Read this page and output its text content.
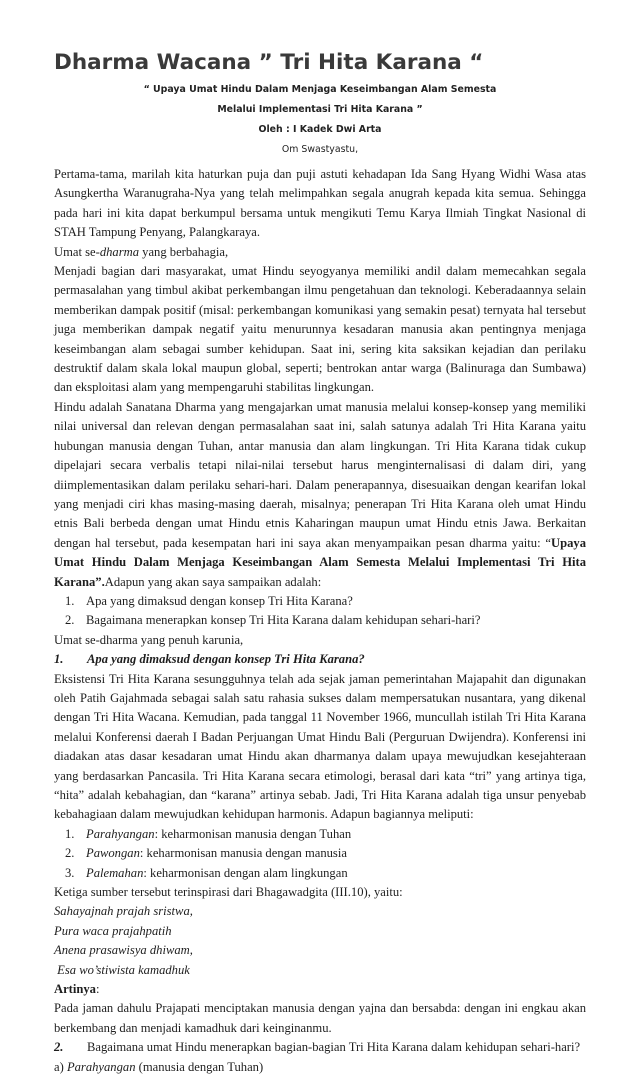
Dharma Wacana ” Tri Hita Karana “
“ Upaya Umat Hindu Dalam Menjaga Keseimbangan Alam Semesta
Melalui Implementasi Tri Hita Karana ”
Oleh : I Kadek Dwi Arta
Om Swastyastu,

Pertama-tama, marilah kita haturkan puja dan puji astuti kehadapan Ida Sang Hyang Widhi Wasa atas Asungkertha Waranugraha-Nya yang telah melimpahkan segala anugrah kepada kita semua. Sehingga pada hari ini kita dapat berkumpul bersama untuk mengikuti Temu Karya Ilmiah Tingkat Nasional di STAH Tampung Penyang, Palangkaraya.

Umat se-dharma yang berbahagia,

Menjadi bagian dari masyarakat, umat Hindu seyogyanya memiliki andil dalam memecahkan segala permasalahan yang timbul akibat perkembangan ilmu pengetahuan dan teknologi. Keberadaannya selain memberikan dampak positif (misal: perkembangan komunikasi yang semakin pesat) ternyata hal tersebut juga memberikan dampak negatif yaitu menurunnya kesadaran manusia akan pentingnya menjaga keseimbangan alam sebagai sumber kehidupan. Saat ini, sering kita saksikan kejadian dan perilaku destruktif dalam skala lokal maupun global, seperti; bentrokan antar warga (Balinuraga dan Sumbawa) dan eksploitasi alam yang mempengaruhi stabilitas lingkungan.

Hindu adalah Sanatana Dharma yang mengajarkan umat manusia melalui konsep-konsep yang memiliki nilai universal dan relevan dengan permasalahan saat ini, salah satunya adalah Tri Hita Karana yaitu hubungan manusia dengan Tuhan, antar manusia dan alam lingkungan. Tri Hita Karana tidak cukup dipelajari secara verbalis tetapi nilai-nilai tersebut harus menginternalisasi di dalam diri, yang diimplementasikan dalam perilaku sehari-hari. Dalam penerapannya, disesuaikan dengan kearifan lokal yang menjadi ciri khas masing-masing daerah, misalnya; penerapan Tri Hita Karana oleh umat Hindu etnis Bali berbeda dengan umat Hindu etnis Kaharingan maupun umat Hindu etnis Jawa. Berkaitan dengan hal tersebut, pada kesempatan hari ini saya akan menyampaikan pesan dharma yaitu: “Upaya Umat Hindu Dalam Menjaga Keseimbangan Alam Semesta Melalui Implementasi Tri Hita Karana”.Adapun yang akan saya sampaikan adalah:

1. Apa yang dimaksud dengan konsep Tri Hita Karana?
2. Bagaimana menerapkan konsep Tri Hita Karana dalam kehidupan sehari-hari?

Umat se-dharma yang penuh karunia,

1.	Apa yang dimaksud dengan konsep Tri Hita Karana?

Eksistensi Tri Hita Karana sesungguhnya telah ada sejak jaman pemerintahan Majapahit dan digunakan oleh Patih Gajahmada sebagai salah satu rahasia sukses dalam mempersatukan nusantara, yang dikenal dengan Tri Hita Wacana. Kemudian, pada tanggal 11 November 1966, muncullah istilah Tri Hita Karana melalui Konferensi daerah I Badan Perjuangan Umat Hindu Bali (Perguruan Dwijendra). Konferensi ini diadakan atas dasar kesadaran umat Hindu akan dharmanya dalam upaya mewujudkan kesejahteraan yang berdasarkan Pancasila. Tri Hita Karana secara etimologi, berasal dari kata “tri” yang artinya tiga, “hita” adalah kebahagian, dan “karana” artinya sebab. Jadi, Tri Hita Karana adalah tiga unsur penyebab kebahagiaan dalam mewujudkan kehidupan harmonis. Adapun bagiannya meliputi:

1. Parahyangan: keharmonisan manusia dengan Tuhan
2. Pawongan: keharmonisan manusia dengan manusia
3. Palemahan: keharmonisan dengan alam lingkungan

Ketiga sumber tersebut terinspirasi dari Bhagawadgita (III.10), yaitu:

Sahayajnah prajah sristwa,

Pura waca prajahpatih

Anena prasawisya dhiwam,

Esa wo’stiwista kamadhuk

Artinya:

Pada jaman dahulu Prajapati menciptakan manusia dengan yajna dan bersabda: dengan ini engkau akan berkembang dan menjadi kamadhuk dari keinginanmu.

2.	Bagaimana umat Hindu menerapkan bagian-bagian Tri Hita Karana dalam kehidupan sehari-hari?

a) Parahyangan (manusia dengan Tuhan)
